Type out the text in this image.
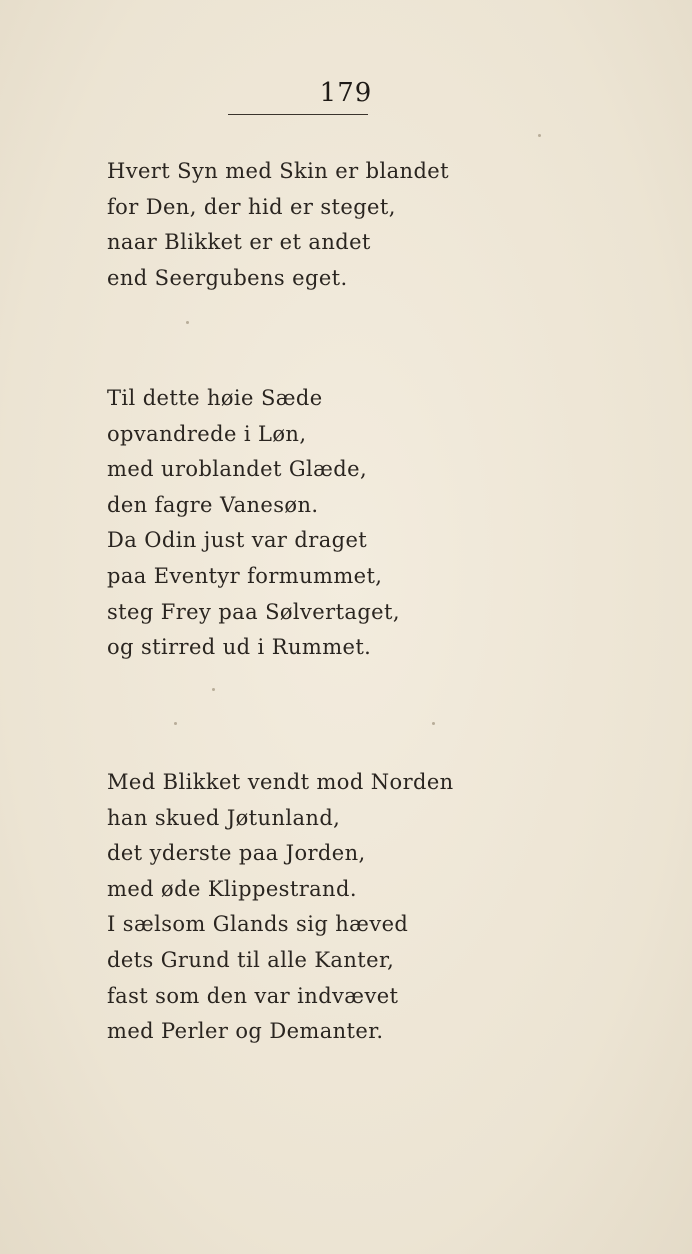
179
Hvert Syn med Skin er blandet
for Den, der hid er steget,
naar Blikket er et andet
end Seergubens eget.
Til dette høie Sæde
opvandrede i Løn,
med uroblandet Glæde,
den fagre Vanesøn.
Da Odin just var draget
paa Eventyr formummet,
steg Frey paa Sølvertaget,
og stirred ud i Rummet.
Med Blikket vendt mod Norden
han skued Jøtunland,
det yderste paa Jorden,
med øde Klippestrand.
I sælsom Glands sig hæved
dets Grund til alle Kanter,
fast som den var indvævet
med Perler og Demanter.
